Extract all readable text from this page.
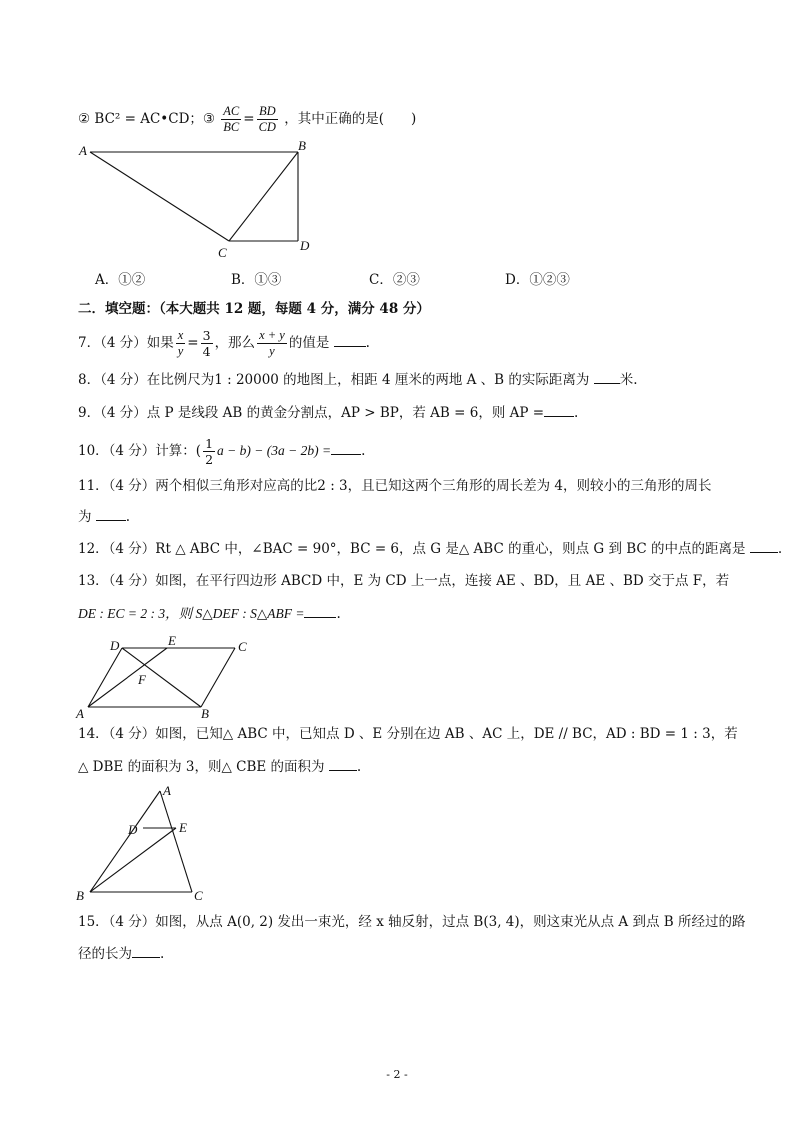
② BC² = AC•CD；③ $\frac{AC}{BC} = \frac{BD}{CD}$ ，其中正确的是(　　)
A	B
C	D
A．①②	B．①③	C．②③	D．①②③
二．填空题：（本大题共 12 题，每题 4 分，满分 48 分）
7．（4 分）如果 $\frac{x}{y} = \frac{3}{4}$ ，那么 $\frac{x + y}{y}$ 的值是	.
8．（4 分）在比例尺为1 : 20000 的地图上，相距 4 厘米的两地 A 、B 的实际距离为 米.
9．（4 分）点 P 是线段 AB 的黄金分割点，AP > BP，若 AB = 6，则 AP = .
10．（4 分）计算：( $\frac{1}{2}$ a − b) − (3a − 2b) = .
11．（4 分）两个相似三角形对应高的比2 : 3，且已知这两个三角形的周长差为 4，则较小的三角形的周长
为	.
12．（4 分）Rt △ ABC 中，∠BAC = 90°，BC = 6，点 G 是△ ABC 的重心，则点 G 到 BC 的中点的距离是 .
13．（4 分）如图，在平行四边形 ABCD 中，E 为 CD 上一点，连接 AE 、BD，且 AE 、BD 交于点 F，若
DE : EC = 2 : 3，则 S△DEF : S△ABF = .
D	E	C
F
A	B
14．（4 分）如图，已知△ ABC 中，已知点 D 、E 分别在边 AB 、AC 上，DE // BC，AD : BD = 1 : 3，若
△ DBE 的面积为 3，则△ CBE 的面积为 .
A
D	E
B	C
15．（4 分）如图，从点 A(0, 2) 发出一束光，经 x 轴反射，过点 B(3, 4)，则这束光从点 A 到点 B 所经过的路
径的长为 .
- 2 -
